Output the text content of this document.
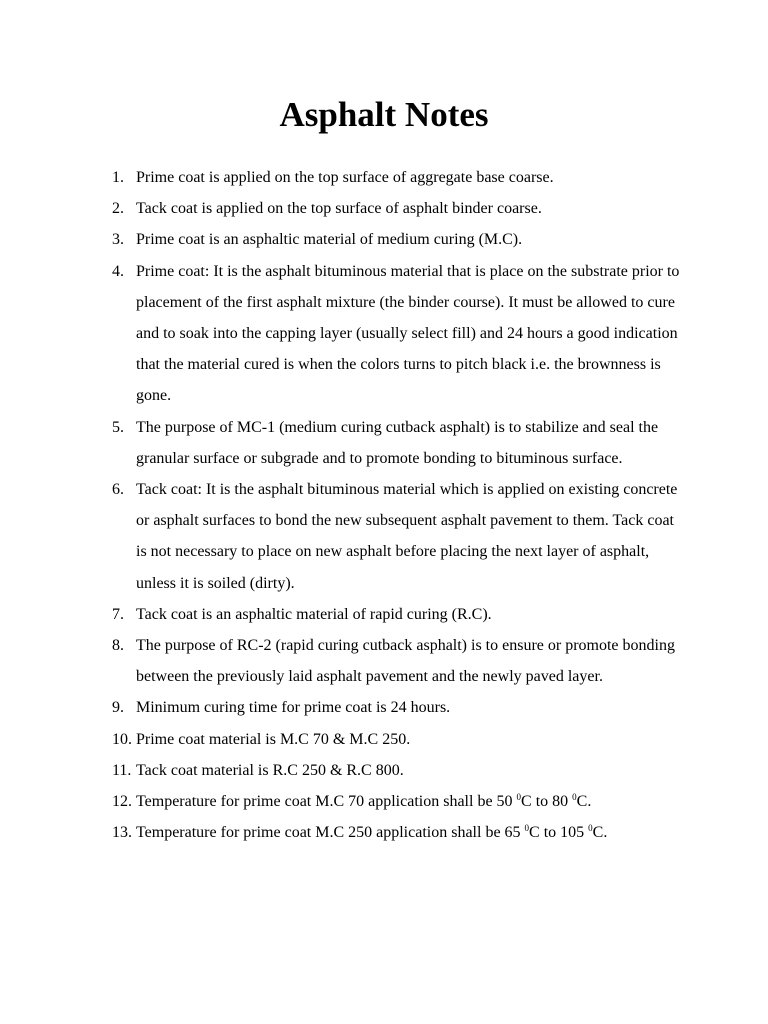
Asphalt Notes
1. Prime coat is applied on the top surface of aggregate base coarse.
2. Tack coat is applied on the top surface of asphalt binder coarse.
3. Prime coat is an asphaltic material of medium curing (M.C).
4. Prime coat: It is the asphalt bituminous material that is place on the substrate prior to placement of the first asphalt mixture (the binder course). It must be allowed to cure and to soak into the capping layer (usually select fill) and 24 hours a good indication that the material cured is when the colors turns to pitch black i.e. the brownness is gone.
5. The purpose of MC-1 (medium curing cutback asphalt) is to stabilize and seal the granular surface or subgrade and to promote bonding to bituminous surface.
6. Tack coat: It is the asphalt bituminous material which is applied on existing concrete or asphalt surfaces to bond the new subsequent asphalt pavement to them. Tack coat is not necessary to place on new asphalt before placing the next layer of asphalt, unless it is soiled (dirty).
7. Tack coat is an asphaltic material of rapid curing (R.C).
8. The purpose of RC-2 (rapid curing cutback asphalt) is to ensure or promote bonding between the previously laid asphalt pavement and the newly paved layer.
9. Minimum curing time for prime coat is 24 hours.
10. Prime coat material is M.C 70 & M.C 250.
11. Tack coat material is R.C 250 & R.C 800.
12. Temperature for prime coat M.C 70 application shall be 50 $^0$C to 80 $^0$C.
13. Temperature for prime coat M.C 250 application shall be 65 $^0$C to 105 $^0$C.
